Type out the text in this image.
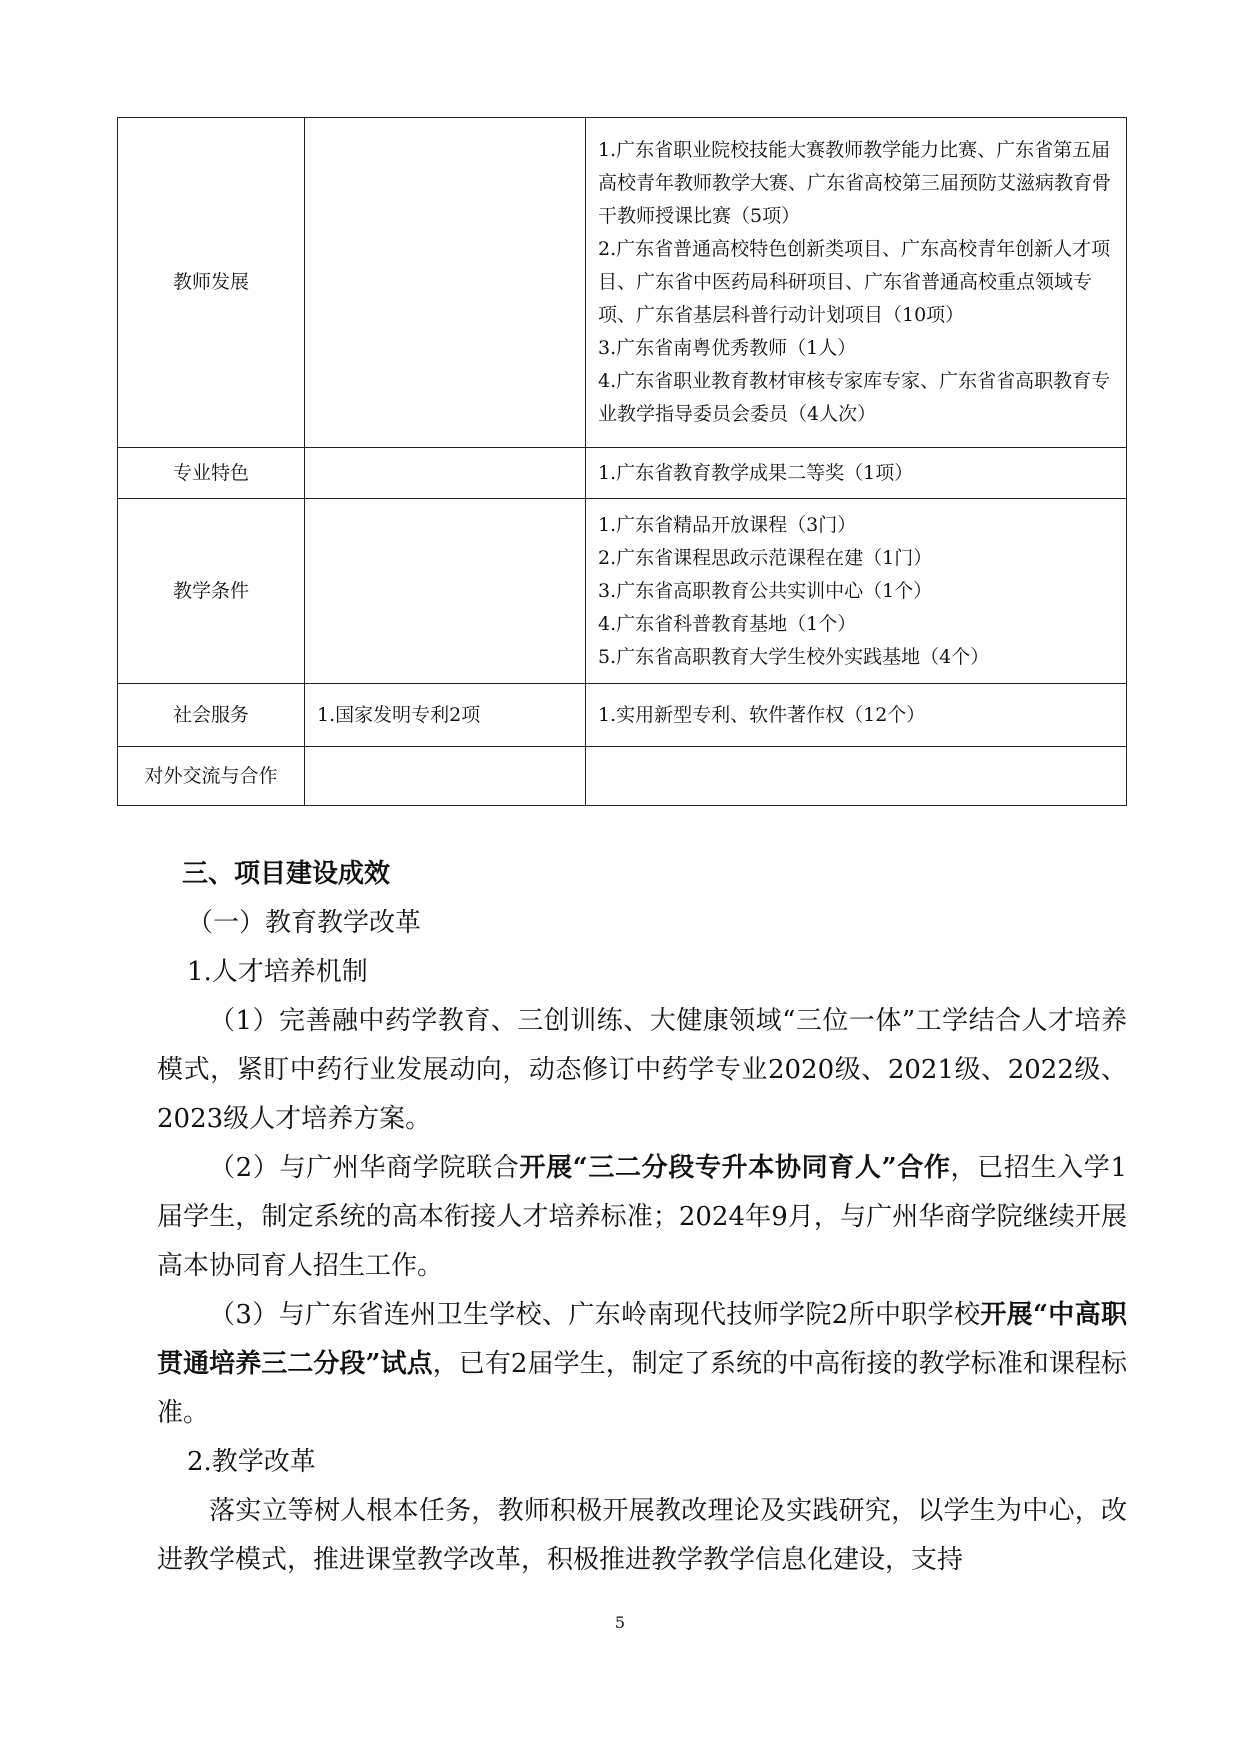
教师发展		1.广东省职业院校技能大赛教师教学能力比赛、广东省第五届高校青年教师教学大赛、广东省高校第三届预防艾滋病教育骨干教师授课比赛（5项）
2.广东省普通高校特色创新类项目、广东高校青年创新人才项目、广东省中医药局科研项目、广东省普通高校重点领域专项、广东省基层科普行动计划项目（10项）
3.广东省南粤优秀教师（1人）
4.广东省职业教育教材审核专家库专家、广东省省高职教育专业教学指导委员会委员（4人次）

专业特色		1.广东省教育教学成果二等奖（1项）

教学条件		1.广东省精品开放课程（3门）
2.广东省课程思政示范课程在建（1门）
3.广东省高职教育公共实训中心（1个）
4.广东省科普教育基地（1个）
5.广东省高职教育大学生校外实践基地（4个）

社会服务	1.国家发明专利2项	1.实用新型专利、软件著作权（12个）

对外交流与合作		

三、项目建设成效

（一）教育教学改革

1.人才培养机制

（1）完善融中药学教育、三创训练、大健康领域“三位一体”工学结合人才培养模式，紧盯中药行业发展动向，动态修订中药学专业2020级、2021级、2022级、2023级人才培养方案。

（2）与广州华商学院联合开展“三二分段专升本协同育人”合作，已招生入学1届学生，制定系统的高本衔接人才培养标准；2024年9月，与广州华商学院继续开展高本协同育人招生工作。

（3）与广东省连州卫生学校、广东岭南现代技师学院2所中职学校开展“中高职贯通培养三二分段”试点，已有2届学生，制定了系统的中高衔接的教学标准和课程标准。

2.教学改革

落实立等树人根本任务，教师积极开展教改理论及实践研究，以学生为中心，改进教学模式，推进课堂教学改革，积极推进教学教学信息化建设，支持

5
